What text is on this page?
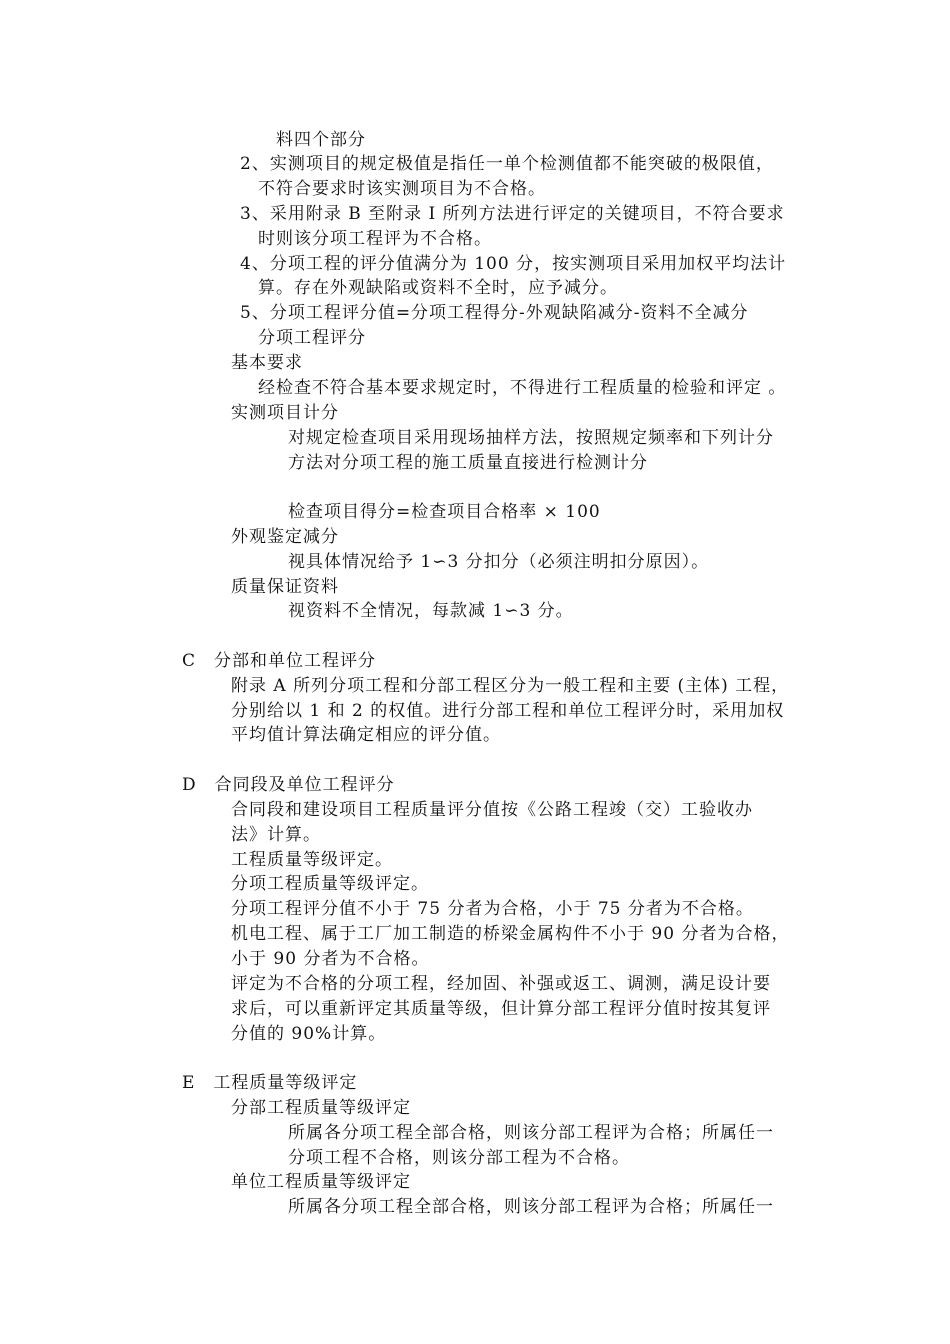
料四个部分
2、实测项目的规定极值是指任一单个检测值都不能突破的极限值，
不符合要求时该实测项目为不合格。
3、采用附录 B 至附录 I 所列方法进行评定的关键项目，不符合要求
时则该分项工程评为不合格。
4、分项工程的评分值满分为 100 分，按实测项目采用加权平均法计
算。存在外观缺陷或资料不全时，应予减分。
5、分项工程评分值=分项工程得分-外观缺陷减分-资料不全减分
分项工程评分
基本要求
经检查不符合基本要求规定时，不得进行工程质量的检验和评定 。
实测项目计分
对规定检查项目采用现场抽样方法，按照规定频率和下列计分
方法对分项工程的施工质量直接进行检测计分
检查项目得分=检查项目合格率 × 100
外观鉴定减分
视具体情况给予 1∽3 分扣分（必须注明扣分原因）。
质量保证资料
视资料不全情况，每款减 1∽3 分。
C　分部和单位工程评分
附录 A 所列分项工程和分部工程区分为一般工程和主要 (主体) 工程，
分别给以 1 和 2 的权值。进行分部工程和单位工程评分时，采用加权
平均值计算法确定相应的评分值。
D　合同段及单位工程评分
合同段和建设项目工程质量评分值按《公路工程竣（交）工验收办
法》计算。
工程质量等级评定。
分项工程质量等级评定。
分项工程评分值不小于 75 分者为合格，小于 75 分者为不合格。
机电工程、属于工厂加工制造的桥梁金属构件不小于 90 分者为合格，
小于 90 分者为不合格。
评定为不合格的分项工程，经加固、补强或返工、调测，满足设计要
求后，可以重新评定其质量等级，但计算分部工程评分值时按其复评
分值的 90%计算。
E　工程质量等级评定
分部工程质量等级评定
所属各分项工程全部合格，则该分部工程评为合格；所属任一
分项工程不合格，则该分部工程为不合格。
单位工程质量等级评定
所属各分项工程全部合格，则该分部工程评为合格；所属任一
